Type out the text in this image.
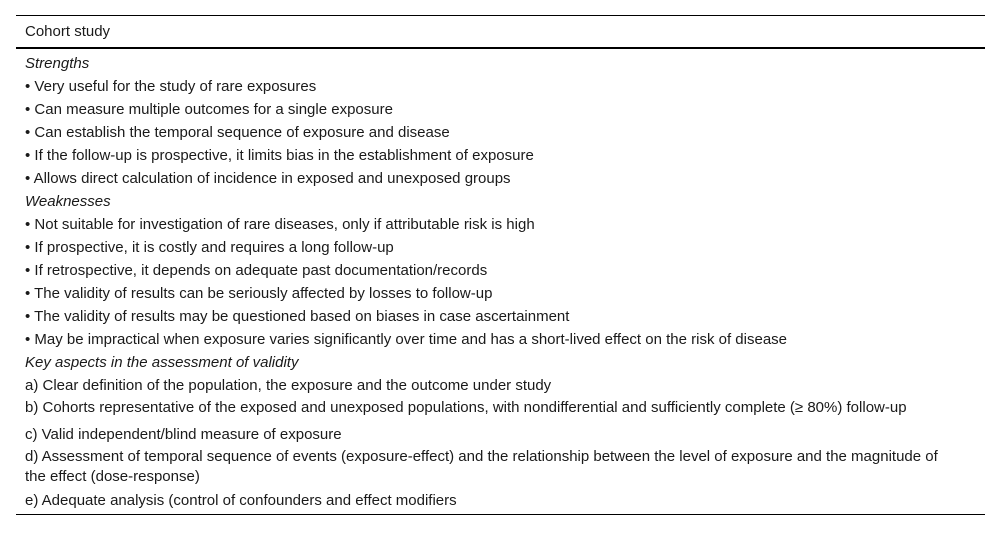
Cohort study
Strengths
• Very useful for the study of rare exposures
• Can measure multiple outcomes for a single exposure
• Can establish the temporal sequence of exposure and disease
• If the follow-up is prospective, it limits bias in the establishment of exposure
• Allows direct calculation of incidence in exposed and unexposed groups
Weaknesses
• Not suitable for investigation of rare diseases, only if attributable risk is high
• If prospective, it is costly and requires a long follow-up
• If retrospective, it depends on adequate past documentation/records
• The validity of results can be seriously affected by losses to follow-up
• The validity of results may be questioned based on biases in case ascertainment
• May be impractical when exposure varies significantly over time and has a short-lived effect on the risk of disease
Key aspects in the assessment of validity
a) Clear definition of the population, the exposure and the outcome under study
b) Cohorts representative of the exposed and unexposed populations, with nondifferential and sufficiently complete (≥ 80%) follow-up
c) Valid independent/blind measure of exposure
d) Assessment of temporal sequence of events (exposure-effect) and the relationship between the level of exposure and the magnitude of the effect (dose-response)
e) Adequate analysis (control of confounders and effect modifiers
